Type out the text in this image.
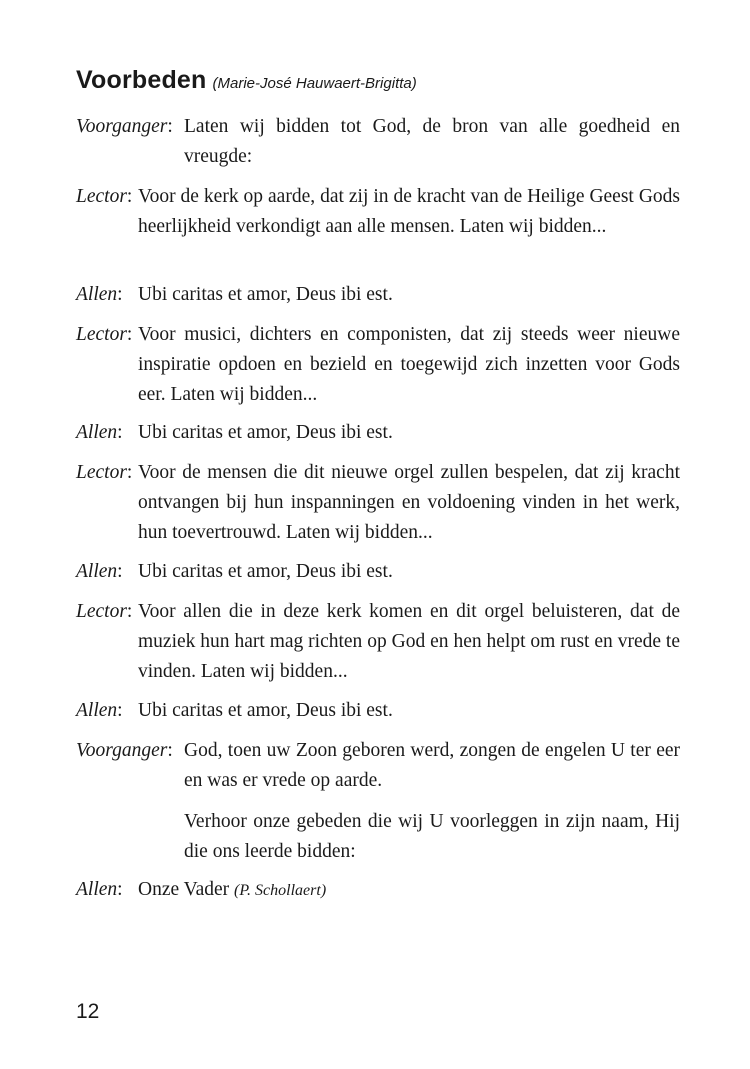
Voorbeden (Marie-José Hauwaert-Brigitta)
Voorganger : Laten wij bidden tot God, de bron van alle goedheid en vreugde:
Lector : Voor de kerk op aarde, dat zij in de kracht van de Heilige Geest Gods heerlijkheid verkondigt aan alle mensen. Laten wij bidden...
Allen :	Ubi caritas et amor, Deus ibi est.
Lector : Voor musici, dichters en componisten, dat zij steeds weer nieuwe inspiratie opdoen en bezield en toegewijd zich inzetten voor Gods eer. Laten wij bidden...
Allen :	Ubi caritas et amor, Deus ibi est.
Lector : Voor de mensen die dit nieuwe orgel zullen bespelen, dat zij kracht ontvangen bij hun inspanningen en voldoening vinden in het werk, hun toevertrouwd. Laten wij bidden...
Allen :	Ubi caritas et amor, Deus ibi est.
Lector : Voor allen die in deze kerk komen en dit orgel beluisteren, dat de muziek hun hart mag richten op God en hen helpt om rust en vrede te vinden. Laten wij bidden...
Allen :	Ubi caritas et amor, Deus ibi est.
Voorganger : God, toen uw Zoon geboren werd, zongen de engelen U ter eer en was er vrede op aarde.
Verhoor onze gebeden die wij U voorleggen in zijn naam, Hij die ons leerde bidden:
Allen :	Onze Vader (P. Schollaert)
12
